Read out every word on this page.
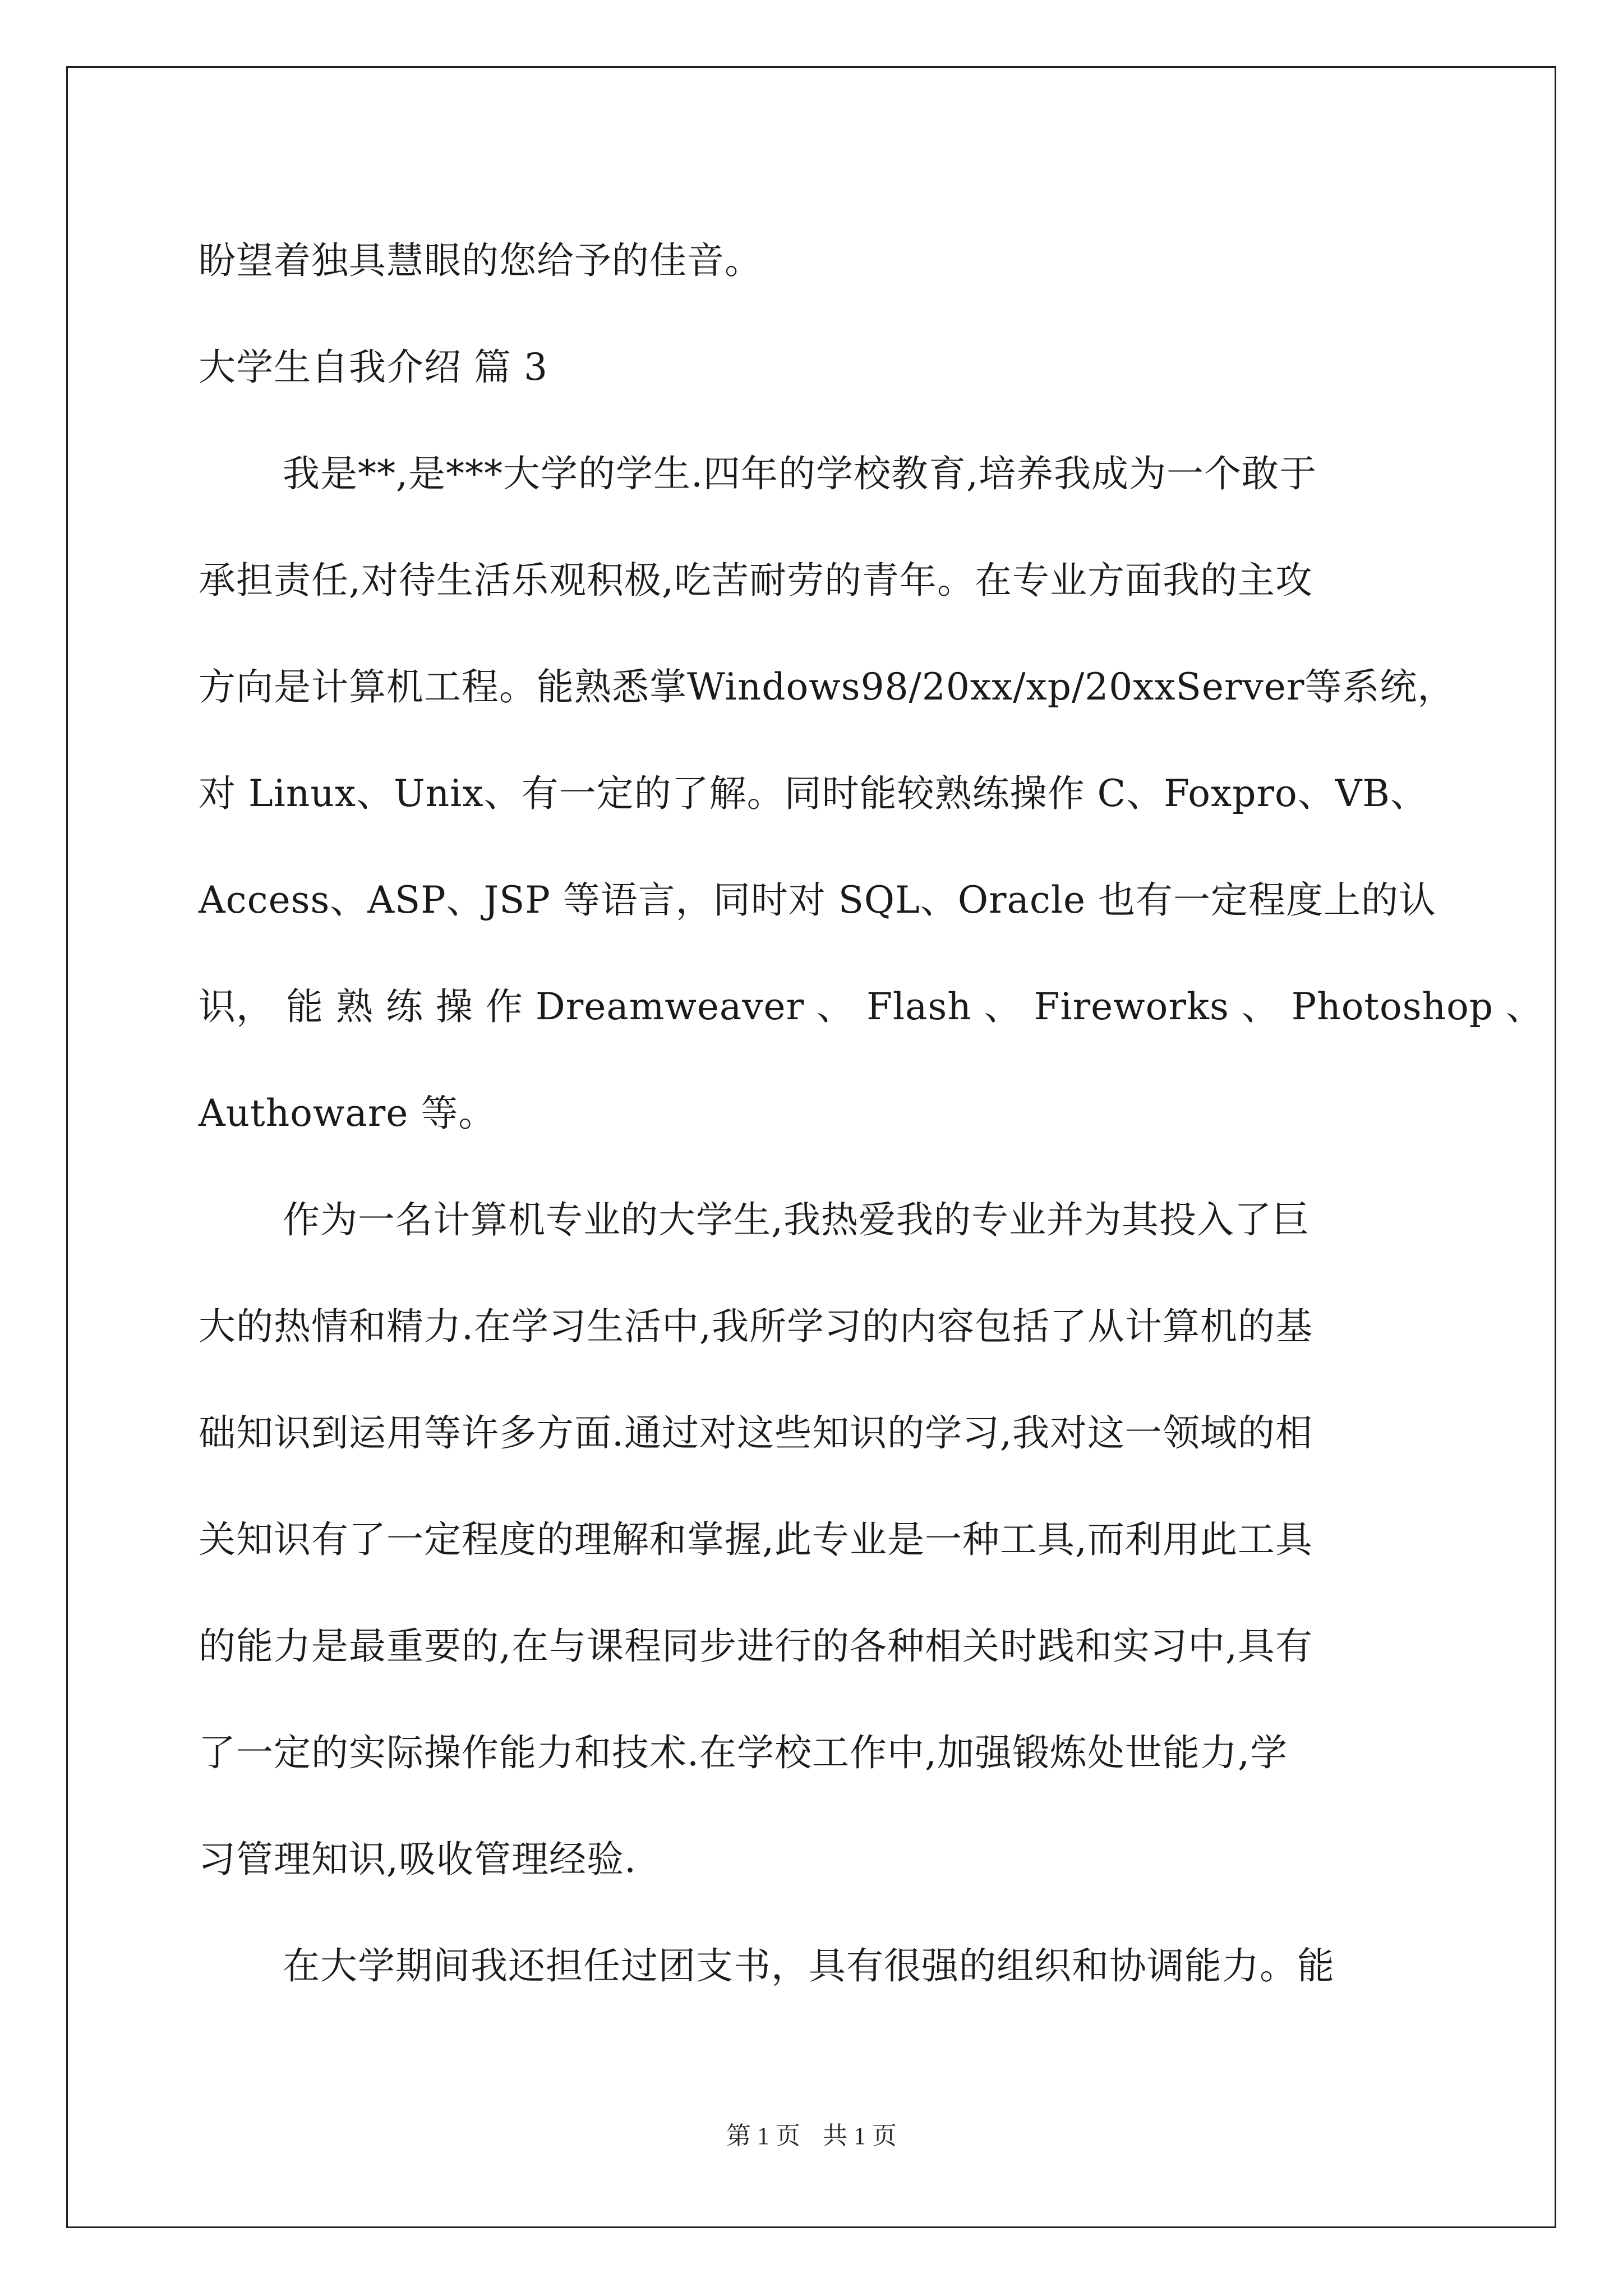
盼望着独具慧眼的您给予的佳音。
大学生自我介绍 篇 3
我是**,是***大学的学生.四年的学校教育,培养我成为一个敢于
承担责任,对待生活乐观积极,吃苦耐劳的青年。在专业方面我的主攻
方向是计算机工程。能熟悉掌Windows98/20xx/xp/20xxServer等系统，
对 Linux、Unix、有一定的了解。同时能较熟练操作 C、Foxpro、VB、
Access、ASP、JSP 等语言，同时对 SQL、Oracle 也有一定程度上的认
识， 能 熟 练 操 作 Dreamweaver 、 Flash 、 Fireworks 、 Photoshop 、
Authoware 等。
作为一名计算机专业的大学生,我热爱我的专业并为其投入了巨
大的热情和精力.在学习生活中,我所学习的内容包括了从计算机的基
础知识到运用等许多方面.通过对这些知识的学习,我对这一领域的相
关知识有了一定程度的理解和掌握,此专业是一种工具,而利用此工具
的能力是最重要的,在与课程同步进行的各种相关时践和实习中,具有
了一定的实际操作能力和技术.在学校工作中,加强锻炼处世能力,学
习管理知识,吸收管理经验.
在大学期间我还担任过团支书，具有很强的组织和协调能力。能
第 1 页 共 1 页
